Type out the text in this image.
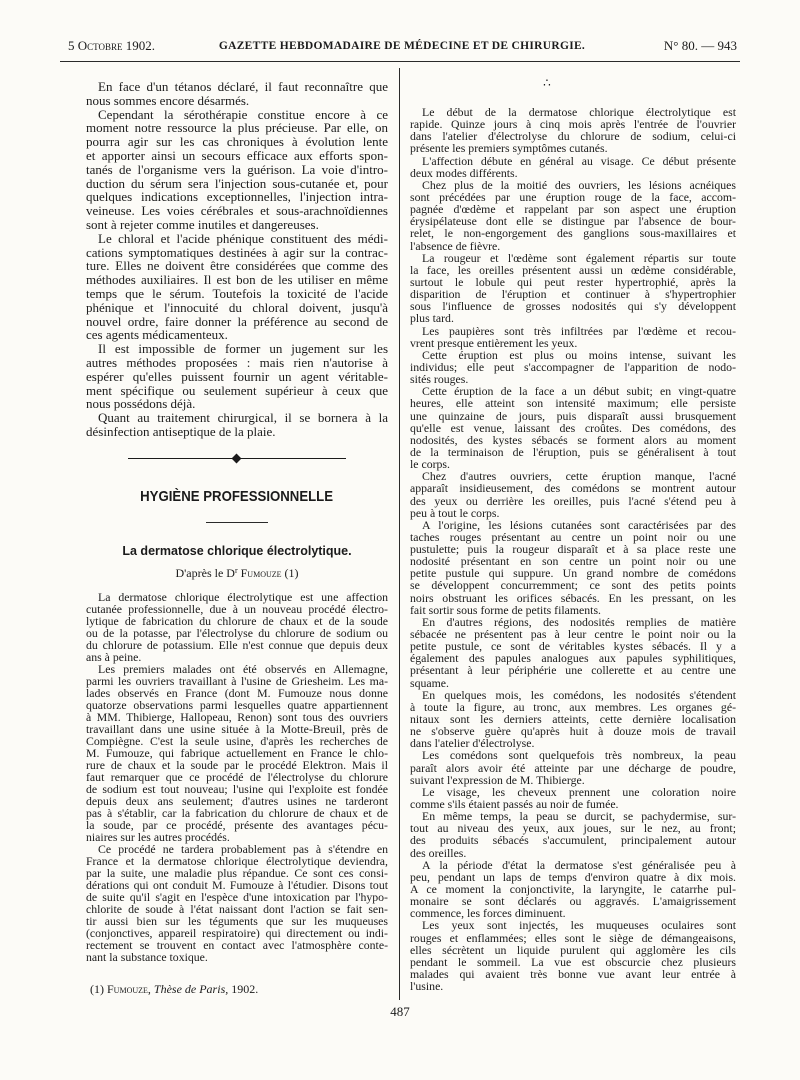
5 Octobre 1902.	GAZETTE HEBDOMADAIRE DE MÉDECINE ET DE CHIRURGIE.	N° 80. — 943
En face d'un tétanos déclaré, il faut reconnaître que
nous sommes encore désarmés.
Cependant la sérothérapie constitue encore à ce
moment notre ressource la plus précieuse. Par elle, on
pourra agir sur les cas chroniques à évolution lente
et apporter ainsi un secours efficace aux efforts spon-
tanés de l'organisme vers la guérison. La voie d'intro-
duction du sérum sera l'injection sous-cutanée et, pour
quelques indications exceptionnelles, l'injection intra-
veineuse. Les voies cérébrales et sous-arachnoïdiennes
sont à rejeter comme inutiles et dangereuses.
Le chloral et l'acide phénique constituent des médi-
cations symptomatiques destinées à agir sur la contrac-
ture. Elles ne doivent être considérées que comme des
méthodes auxiliaires. Il est bon de les utiliser en même
temps que le sérum. Toutefois la toxicité de l'acide
phénique et l'innocuité du chloral doivent, jusqu'à
nouvel ordre, faire donner la préférence au second de
ces agents médicamenteux.
Il est impossible de former un jugement sur les
autres méthodes proposées : mais rien n'autorise à
espérer qu'elles puissent fournir un agent véritable-
ment spécifique ou seulement supérieur à ceux que
nous possédons déjà.
Quant au traitement chirurgical, il se bornera à la
désinfection antiseptique de la plaie.
HYGIÈNE PROFESSIONNELLE
La dermatose chlorique électrolytique.
D'après le $D^r$ Fumouze (1)
La dermatose chlorique électrolytique est une affection
cutanée professionnelle, due à un nouveau procédé électro-
lytique de fabrication du chlorure de chaux et de la soude
ou de la potasse, par l'électrolyse du chlorure de sodium ou
du chlorure de potassium. Elle n'est connue que depuis deux
ans à peine.
Les premiers malades ont été observés en Allemagne,
parmi les ouvriers travaillant à l'usine de Griesheim. Les ma-
lades observés en France (dont M. Fumouze nous donne
quatorze observations parmi lesquelles quatre appartiennent
à MM. Thibierge, Hallopeau, Renon) sont tous des ouvriers
travaillant dans une usine située à la Motte-Breuil, près de
Compiègne. C'est la seule usine, d'après les recherches de
M. Fumouze, qui fabrique actuellement en France le chlo-
rure de chaux et la soude par le procédé Elektron. Mais il
faut remarquer que ce procédé de l'électrolyse du chlorure
de sodium est tout nouveau; l'usine qui l'exploite est fondée
depuis deux ans seulement; d'autres usines ne tarderont
pas à s'établir, car la fabrication du chlorure de chaux et de
la soude, par ce procédé, présente des avantages pécu-
niaires sur les autres procédés.
Ce procédé ne tardera probablement pas à s'étendre en
France et la dermatose chlorique électrolytique deviendra,
par la suite, une maladie plus répandue. Ce sont ces consi-
dérations qui ont conduit M. Fumouze à l'étudier. Disons tout
de suite qu'il s'agit en l'espèce d'une intoxication par l'hypo-
chlorite de soude à l'état naissant dont l'action se fait sen-
tir aussi bien sur les téguments que sur les muqueuses
(conjonctives, appareil respiratoire) qui directement ou indi-
rectement se trouvent en contact avec l'atmosphère conte-
nant la substance toxique.
(1) Fumouze, Thèse de Paris, 1902.
∴
Le début de la dermatose chlorique électrolytique est
rapide. Quinze jours à cinq mois après l'entrée de l'ouvrier
dans l'atelier d'électrolyse du chlorure de sodium, celui-ci
présente les premiers symptômes cutanés.
L'affection débute en général au visage. Ce début présente
deux modes différents.
Chez plus de la moitié des ouvriers, les lésions acnéiques
sont précédées par une éruption rouge de la face, accom-
pagnée d'œdème et rappelant par son aspect une éruption
érysipélateuse dont elle se distingue par l'absence de bour-
relet, le non-engorgement des ganglions sous-maxillaires et
l'absence de fièvre.
La rougeur et l'œdème sont également répartis sur toute
la face, les oreilles présentent aussi un œdème considérable,
surtout le lobule qui peut rester hypertrophié, après la
disparition de l'éruption et continuer à s'hypertrophier
sous l'influence de grosses nodosités qui s'y développent
plus tard.
Les paupières sont très infiltrées par l'œdème et recou-
vrent presque entièrement les yeux.
Cette éruption est plus ou moins intense, suivant les
individus; elle peut s'accompagner de l'apparition de nodo-
sités rouges.
Cette éruption de la face a un début subit; en vingt-quatre
heures, elle atteint son intensité maximum; elle persiste
une quinzaine de jours, puis disparaît aussi brusquement
qu'elle est venue, laissant des croûtes. Des comédons, des
nodosités, des kystes sébacés se forment alors au moment
de la terminaison de l'éruption, puis se généralisent à tout
le corps.
Chez d'autres ouvriers, cette éruption manque, l'acné
apparaît insidieusement, des comédons se montrent autour
des yeux ou derrière les oreilles, puis l'acné s'étend peu à
peu à tout le corps.
A l'origine, les lésions cutanées sont caractérisées par des
taches rouges présentant au centre un point noir ou une
pustulette; puis la rougeur disparaît et à sa place reste une
nodosité présentant en son centre un point noir ou une
petite pustule qui suppure. Un grand nombre de comédons
se développent concurremment; ce sont des petits points
noirs obstruant les orifices sébacés. En les pressant, on les
fait sortir sous forme de petits filaments.
En d'autres régions, des nodosités remplies de matière
sébacée ne présentent pas à leur centre le point noir ou la
petite pustule, ce sont de véritables kystes sébacés. Il y a
également des papules analogues aux papules syphilitiques,
présentant à leur périphérie une collerette et au centre une
squame.
En quelques mois, les comédons, les nodosités s'étendent
à toute la figure, au tronc, aux membres. Les organes gé-
nitaux sont les derniers atteints, cette dernière localisation
ne s'observe guère qu'après huit à douze mois de travail
dans l'atelier d'électrolyse.
Les comédons sont quelquefois très nombreux, la peau
paraît alors avoir été atteinte par une décharge de poudre,
suivant l'expression de M. Thibierge.
Le visage, les cheveux prennent une coloration noire
comme s'ils étaient passés au noir de fumée.
En même temps, la peau se durcit, se pachydermise, sur-
tout au niveau des yeux, aux joues, sur le nez, au front;
des produits sébacés s'accumulent, principalement autour
des oreilles.
A la période d'état la dermatose s'est généralisée peu à
peu, pendant un laps de temps d'environ quatre à dix mois.
A ce moment la conjonctivite, la laryngite, le catarrhe pul-
monaire se sont déclarés ou aggravés. L'amaigrissement
commence, les forces diminuent.
Les yeux sont injectés, les muqueuses oculaires sont
rouges et enflammées; elles sont le siège de démangeaisons,
elles sécrètent un liquide purulent qui agglomère les cils
pendant le sommeil. La vue est obscurcie chez plusieurs
malades qui avaient très bonne vue avant leur entrée à
l'usine.
487
